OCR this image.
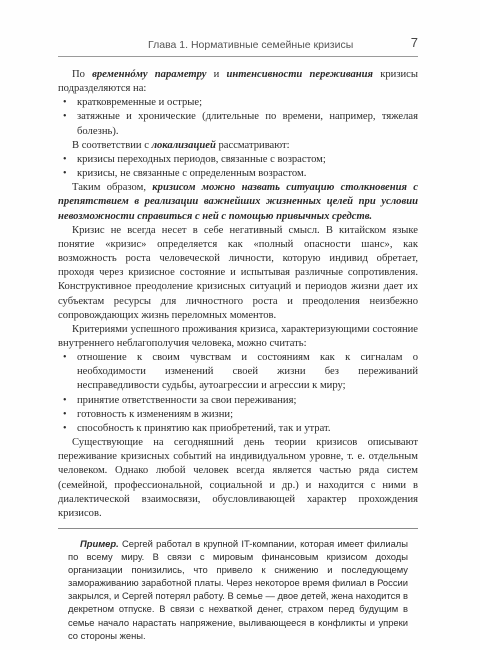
Глава 1. Нормативные семейные кризисы	7

По временнóму параметру и интенсивности переживания кризисы подразделяются на:

• кратковременные и острые;
• затяжные и хронические (длительные по времени, например, тяжелая болезнь).

В соответствии с локализацией рассматривают:

• кризисы переходных периодов, связанные с возрастом;
• кризисы, не связанные с определенным возрастом.

Таким образом, кризисом можно назвать ситуацию столкновения с препятствием в реализации важнейших жизненных целей при условии невозможности справиться с ней с помощью привычных средств.

Кризис не всегда несет в себе негативный смысл. В китайском языке понятие «кризис» определяется как «полный опасности шанс», как возможность роста человеческой личности, которую индивид обретает, проходя через кризисное состояние и испытывая различные сопротивления. Конструктивное преодоление кризисных ситуаций и периодов жизни дает их субъектам ресурсы для личностного роста и преодоления неизбежно сопровождающих жизнь переломных моментов.

Критериями успешного проживания кризиса, характеризующими состояние внутреннего неблагополучия человека, можно считать:

• отношение к своим чувствам и состояниям как к сигналам о необходимости изменений своей жизни без переживаний несправедливости судьбы, аутоагрессии и агрессии к миру;
• принятие ответственности за свои переживания;
• готовность к изменениям в жизни;
• способность к принятию как приобретений, так и утрат.

Существующие на сегодняшний день теории кризисов описывают переживание кризисных событий на индивидуальном уровне, т. е. отдельным человеком. Однако любой человек всегда является частью ряда систем (семейной, профессиональной, социальной и др.) и находится с ними в диалектической взаимосвязи, обусловливающей характер прохождения кризисов.

Пример. Сергей работал в крупной IT-компании, которая имеет филиалы по всему миру. В связи с мировым финансовым кризисом доходы организации понизились, что привело к снижению и последующему замораживанию заработной платы. Через некоторое время филиал в России закрылся, и Сергей потерял работу. В семье — двое детей, жена находится в декретном отпуске. В связи с нехваткой денег, страхом перед будущим в семье начало нарастать напряжение, выливающееся в конфликты и упреки со стороны жены.
